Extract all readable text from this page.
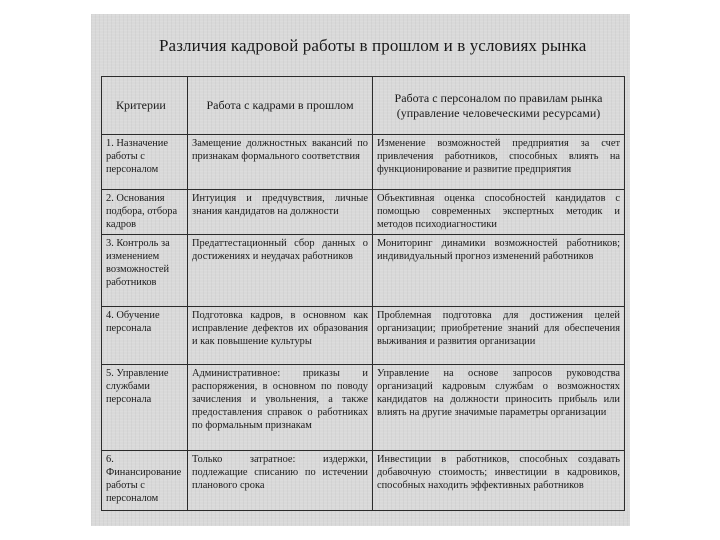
Различия кадровой работы в прошлом и в условиях рынка
Критерии	Работа с кадрами в прошлом	Работа с персоналом по правилам рынка (управление человеческими ресурсами)
1. Назначение работы с персоналом	Замещение должностных вакансий по признакам формального соответствия	Изменение возможностей предприятия за счет привлечения работников, способных влиять на функционирование и развитие предприятия
2. Основания подбора, отбора кадров	Интуиция и предчувствия, личные знания кандидатов на должности	Объективная оценка способностей кандидатов с помощью современных экспертных методик и методов психодиагностики
3. Контроль за изменением возможностей работников	Предаттестационный сбор данных о достижениях и неудачах работников	Мониторинг динамики возможностей работников; индивидуальный прогноз изменений работников
4. Обучение персонала	Подготовка кадров, в основном как исправление дефектов их образования и как повышение культуры	Проблемная подготовка для достижения целей организации; приобретение знаний для обеспечения выживания и развития организации
5. Управление службами персонала	Административное: приказы и распоряжения, в основном по поводу зачисления и увольнения, а также предоставления справок о работниках по формальным признакам	Управление на основе запросов руководства организаций кадровым службам о возможностях кандидатов на должности приносить прибыль или влиять на другие значимые параметры организации
6. Финансирование работы с персоналом	Только затратное: издержки, подлежащие списанию по истечении планового срока	Инвестиции в работников, способных создавать добавочную стоимость; инвестиции в кадровиков, способных находить эффективных работников
